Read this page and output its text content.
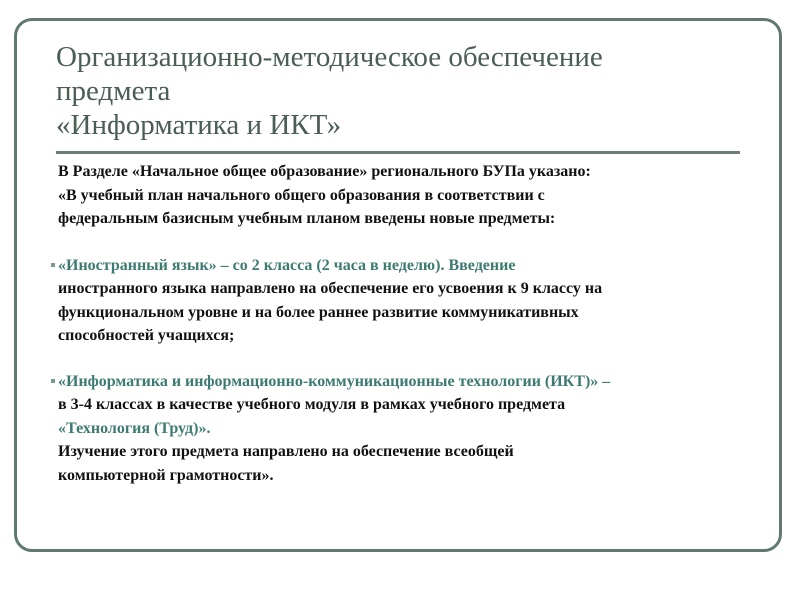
Организационно-методическое обеспечение
предмета
«Информатика и ИКТ»

В Разделе «Начальное общее образование» регионального БУПа указано:

«В учебный план начального общего образования в соответствии с

федеральным базисным учебным планом введены новые предметы:

«Иностранный язык» – со 2 класса (2 часа в неделю). Введение

иностранного языка направлено на обеспечение его усвоения к 9 классу на

функциональном уровне и на более раннее развитие коммуникативных

способностей учащихся;

«Информатика и информационно-коммуникационные технологии (ИКТ)» –

в 3-4 классах в качестве учебного модуля в рамках учебного предмета

«Технология (Труд)».

Изучение этого предмета направлено на обеспечение всеобщей

компьютерной грамотности».
